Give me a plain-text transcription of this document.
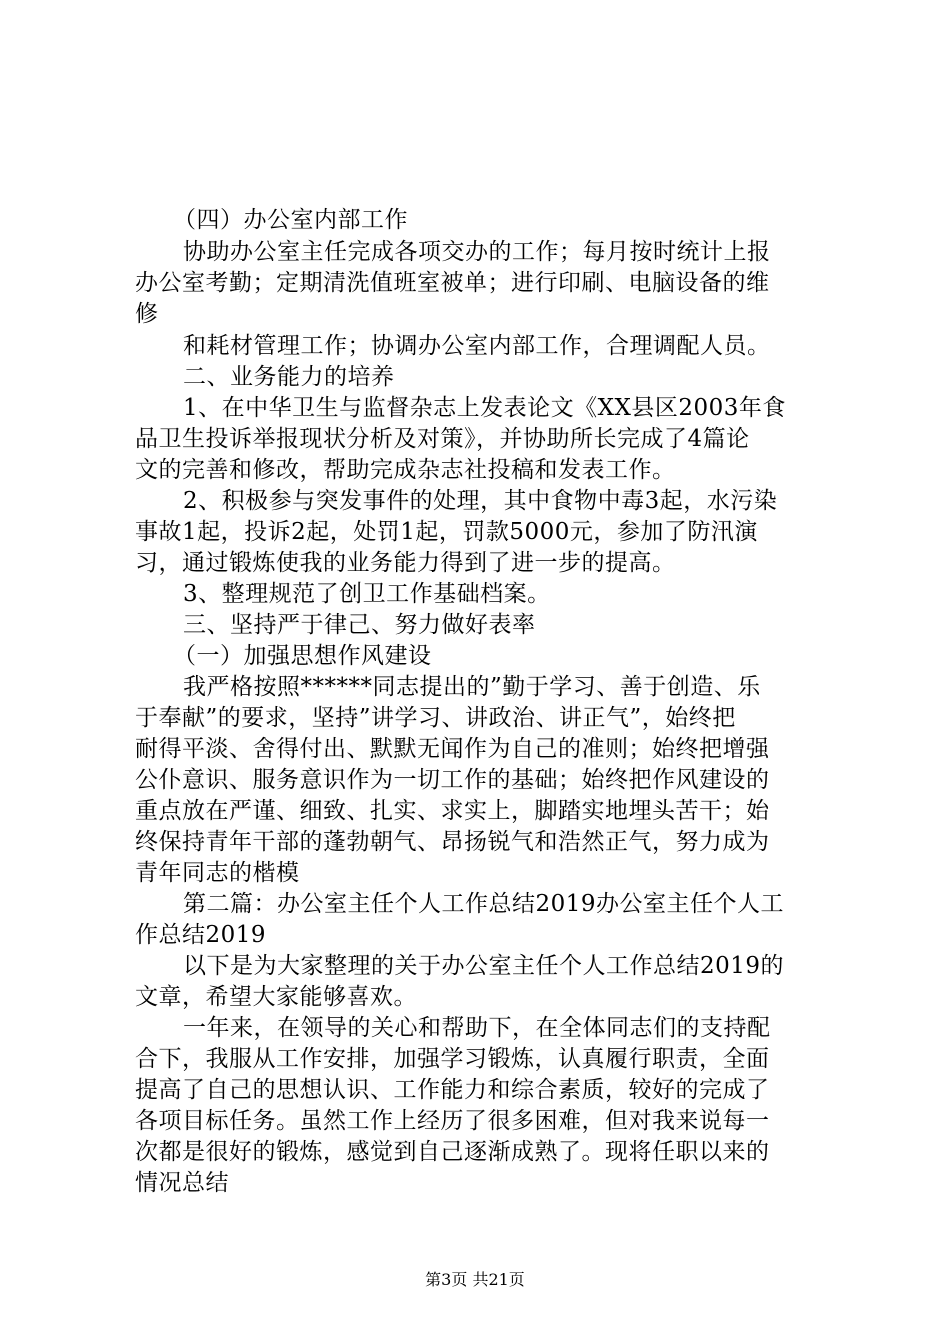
（四）办公室内部工作
协助办公室主任完成各项交办的工作；每月按时统计上报
办公室考勤；定期清洗值班室被单；进行印刷、电脑设备的维
修
和耗材管理工作；协调办公室内部工作，合理调配人员。
二、业务能力的培养
1、在中华卫生与监督杂志上发表论文《XX县区2003年食
品卫生投诉举报现状分析及对策》，并协助所长完成了4篇论
文的完善和修改，帮助完成杂志社投稿和发表工作。
2、积极参与突发事件的处理，其中食物中毒3起，水污染
事故1起，投诉2起，处罚1起，罚款5000元，参加了防汛演
习，通过锻炼使我的业务能力得到了进一步的提高。
3、整理规范了创卫工作基础档案。
三、坚持严于律己、努力做好表率
（一）加强思想作风建设
我严格按照******同志提出的”勤于学习、善于创造、乐
于奉献”的要求，坚持”讲学习、讲政治、讲正气”，始终把
耐得平淡、舍得付出、默默无闻作为自己的准则；始终把增强
公仆意识、服务意识作为一切工作的基础；始终把作风建设的
重点放在严谨、细致、扎实、求实上，脚踏实地埋头苦干；始
终保持青年干部的蓬勃朝气、昂扬锐气和浩然正气，努力成为
青年同志的楷模
第二篇：办公室主任个人工作总结2019办公室主任个人工
作总结2019
以下是为大家整理的关于办公室主任个人工作总结2019的
文章，希望大家能够喜欢。
一年来，在领导的关心和帮助下，在全体同志们的支持配
合下，我服从工作安排，加强学习锻炼，认真履行职责，全面
提高了自己的思想认识、工作能力和综合素质，较好的完成了
各项目标任务。虽然工作上经历了很多困难，但对我来说每一
次都是很好的锻炼，感觉到自己逐渐成熟了。现将任职以来的
情况总结
第3页 共21页
